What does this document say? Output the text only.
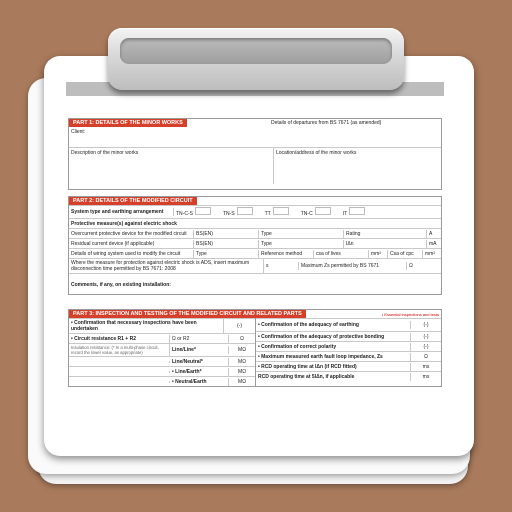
PART 1: DETAILS OF THE MINOR WORKS
Client:
Details of departures from BS 7671 (as amended)
Description of the minor works	Location/address of the minor works
PART 2: DETAILS OF THE MODIFIED CIRCUIT
System type and earthing arrangement	TN-C-S	TN-S	TT	TN-C	IT
Protective measure(s) against electric shock
Overcurrent protective device for the modified circuit	BS(EN)	Type	Rating	A
Residual current device (if applicable)	BS(EN)	Type	IΔn	mA
Details of wiring system used to modify the circuit	Type	Reference method	csa of lives	mm²	Csa of cpc	mm²
Where the measure for protection against electric shock is ADS, insert maximum disconnection time permitted by BS 7671: 2008	s	Maximum Zs permitted by BS 7671	Ω
Comments, if any, on existing installation:
PART 3: INSPECTION AND TESTING OF THE MODIFIED CIRCUIT AND RELATED PARTS	• Essential inspections and tests
• Confirmation that necessary inspections have been undertaken	(-)
• Circuit resistance R1 + R2	Ω or R2	Ω
Insulation resistance: (* In a multi-phase circuit, record the lower value, as appropriate)	Line/Line*	MΩ
Line/Neutral*	MΩ
• Line/Earth*	MΩ
• Neutral/Earth	MΩ
• Confirmation of the adequacy of earthing	(-)
• Confirmation of the adequacy of protective bonding	(-)
• Confirmation of correct polarity	(-)
• Maximum measured earth fault loop impedance, Zs	Ω
• RCD operating time at IΔn (if RCD fitted)	ms
RCD operating time at 5IΔn, if applicable	ms
